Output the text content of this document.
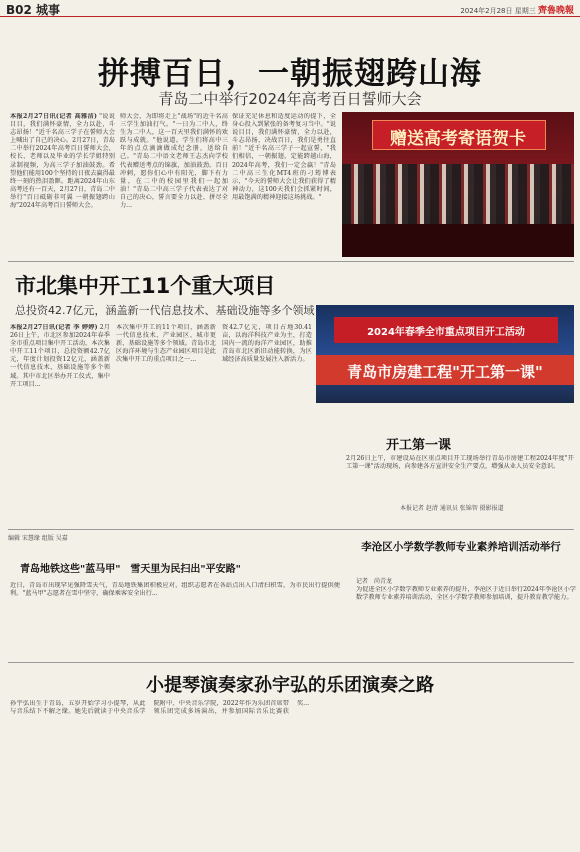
B02 城事	2024年2月28日 星期三 齊魯晚報
拼搏百日，一朝振翅跨山海
青岛二中举行2024年高考百日誓师大会
本报2月27日讯(记者 高雅洁) "说说目目，我们满怀豪情，全力以赴，斗志昂扬！"近千名高三学子在誓师大会上喊出了自己的决心。2月27日，青岛二中举行2024年高考百日誓师大会，校长、老师以及毕业的学长学姐特别录制视频，为高三学子加油鼓劲。希望他们能用100个坚持的日夜去赢得最终一刻的热泪盈眶。距离2024年山东高考还有一百天，2月27日，青岛二中举行"百日砥砺非可翼 一朝振翅跨山海"2024年高考百日誓师大会。
师大会，为即将走上"战场"的近千名高三学生加油打气。"一日为二中人，终生为二中人，这一百天里我们满怀的欢跃与成就。"他说道。学生们将高中三年的点点滴滴做成纪念册，送给自己。"青岛二中语文老师王志杰向学校代表赠送考点的锦旗，加油鼓劲。百日冲刺，愿你们心中有阳光，脚下有力量，在二中的校园里我们一起加油！"青岛二中高三学子代表表达了对自己的决心，誓言要全力以赴、拼尽全力...
保证充足休息和适度运动的提下，全身心投入到紧张的备考复习当中。"说说目目，我们满怀豪情，全力以赴，斗志昂扬，决战百日，我们是勇往直前！"近千名高三学子一起宣誓，"我们相信，一朝振翅，定能跨越山海，2024年高考，我们一定会赢！"青岛二中高三生化MT4班的刁筠博表示，"今天的誓师大会让我们获得了精神动力，这100天我们会抓紧时间，用最饱满的精神迎接这场挑战。"
赠送高考寄语贺卡
市北集中开工11个重大项目
总投资42.7亿元，涵盖新一代信息技术、基础设施等多个领域
本报2月27日讯(记者 李 婷婷) 2月26日上午，市北区参加2024年春季全市重点项目集中开工活动，本次集中开工11个项目，总投资额42.7亿元，年度计划投资12亿元，涵盖新一代信息技术、基础设施等多个领域。其中市北区举办开工仪式，集中开工项目...
本次集中开工的11个项目，涵盖新一代信息技术、产业园区、城市更新、基础设施等多个领域。青岛市北区海洋环境与生态产业园区项目是此次集中开工的重点项目之一...
资42.7亿元，项目占地30.41亩，以海洋科技产业为主，打造国内一流的海洋产业园区，助推青岛市北区新旧动能转换，为区域经济高质量发展注入新活力。
2024年春季全市重点项目开工活动
青岛市房建工程"开工第一课"
开工第一课
2月26日上午，市建设局在区重点项目开工现场举行青岛市房建工程2024年度"开工第一课"活动现场，向参建各方宣讲安全生产要点，增强从业人员安全意识。
本报记者 赵清 通讯员 张锦智 摄影报道
编辑 宋慧缘 组版 吴嘉
青岛地铁这些"蓝马甲"　雪天里为民扫出"平安路"
近日，青岛市出现罕见强降雪天气，青岛地铁集团积极应对，组织志愿者在各站点出入口清扫积雪，为市民出行提供便利。"蓝马甲"志愿者在雪中坚守，确保乘客安全出行...
李沧区小学数学教师专业素养培训活动举行
记者　尚青龙
为促进全区小学数学教师专业素养的提升，李沧区于近日举行2024年李沧区小学数学教师专业素养培训活动，全区小学数学教师参加培训，提升教育教学能力。
小提琴演奏家孙宇弘的乐团演奏之路
孙宇弘出生于青岛，五岁开始学习小提琴，从此与音乐结下不解之缘。她先后就读于中央音乐学院附中、中央音乐学院，2022年作为乐团首席带领乐团完成多场演出，并参加国际音乐比赛获奖...
